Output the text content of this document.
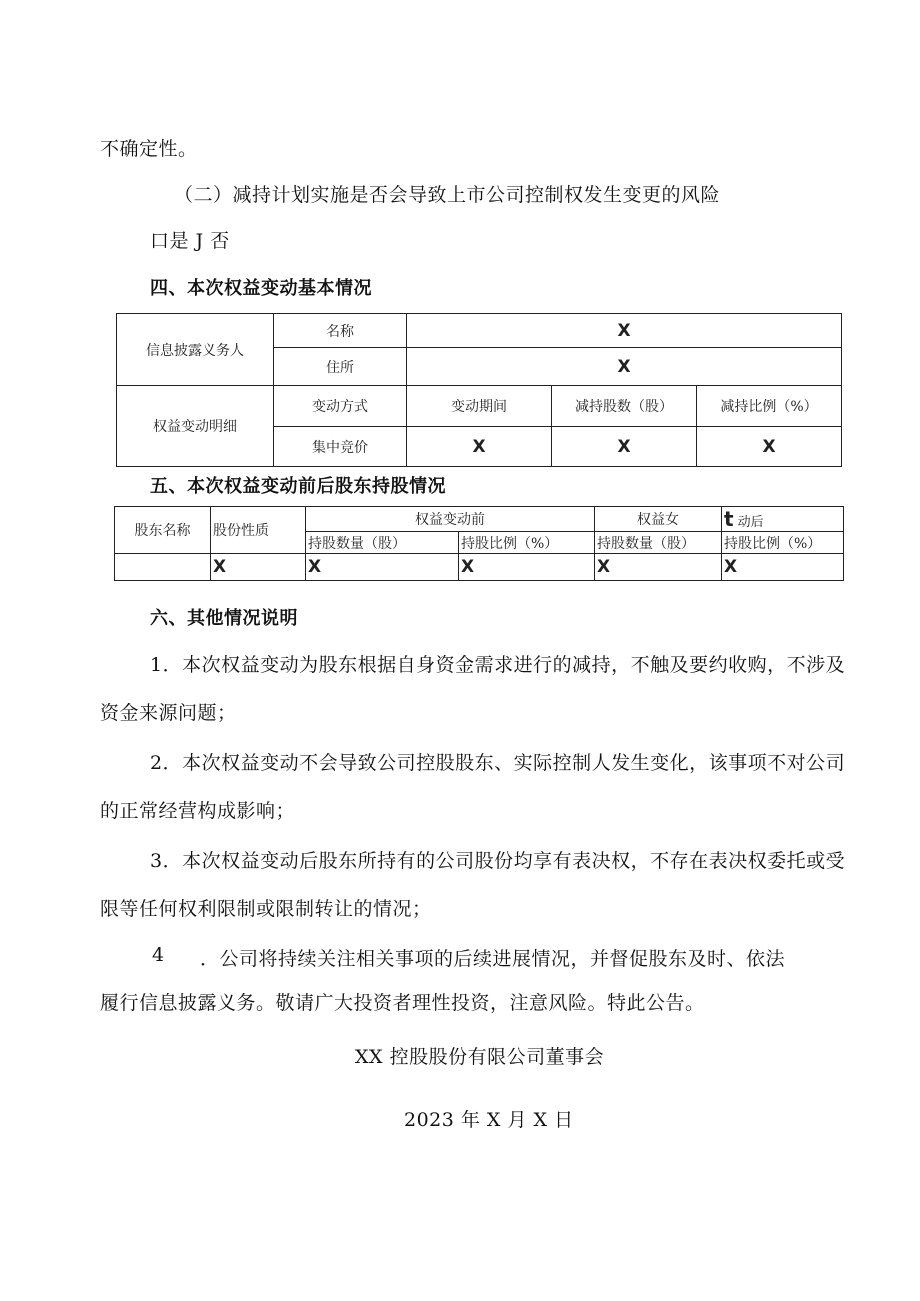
不确定性。
（二）减持计划实施是否会导致上市公司控制权发生变更的风险
口是 J 否
四、本次权益变动基本情况
信息披露义务人	名称	X		
	住所	X		
权益变动明细	变动方式	变动期间	减持股数（股）	减持比例（%）
	集中竞价	X	X	X
五、本次权益变动前后股东持股情况
股东名称	股份性质	权益变动前		权益女	t 动后
		持股数量（股）	持股比例（%）	持股数量（股）	持股比例（%）
	X	X	X	X	X
六、其他情况说明
1．本次权益变动为股东根据自身资金需求进行的减持，不触及要约收购，不涉及
资金来源问题；
2．本次权益变动不会导致公司控股股东、实际控制人发生变化，该事项不对公司
的正常经营构成影响；
3．本次权益变动后股东所持有的公司股份均享有表决权，不存在表决权委托或受
限等任何权利限制或限制转让的情况；
4 ．公司将持续关注相关事项的后续进展情况，并督促股东及时、依法
履行信息披露义务。敬请广大投资者理性投资，注意风险。特此公告。
XX 控股股份有限公司董事会
2023 年 X 月 X 日
